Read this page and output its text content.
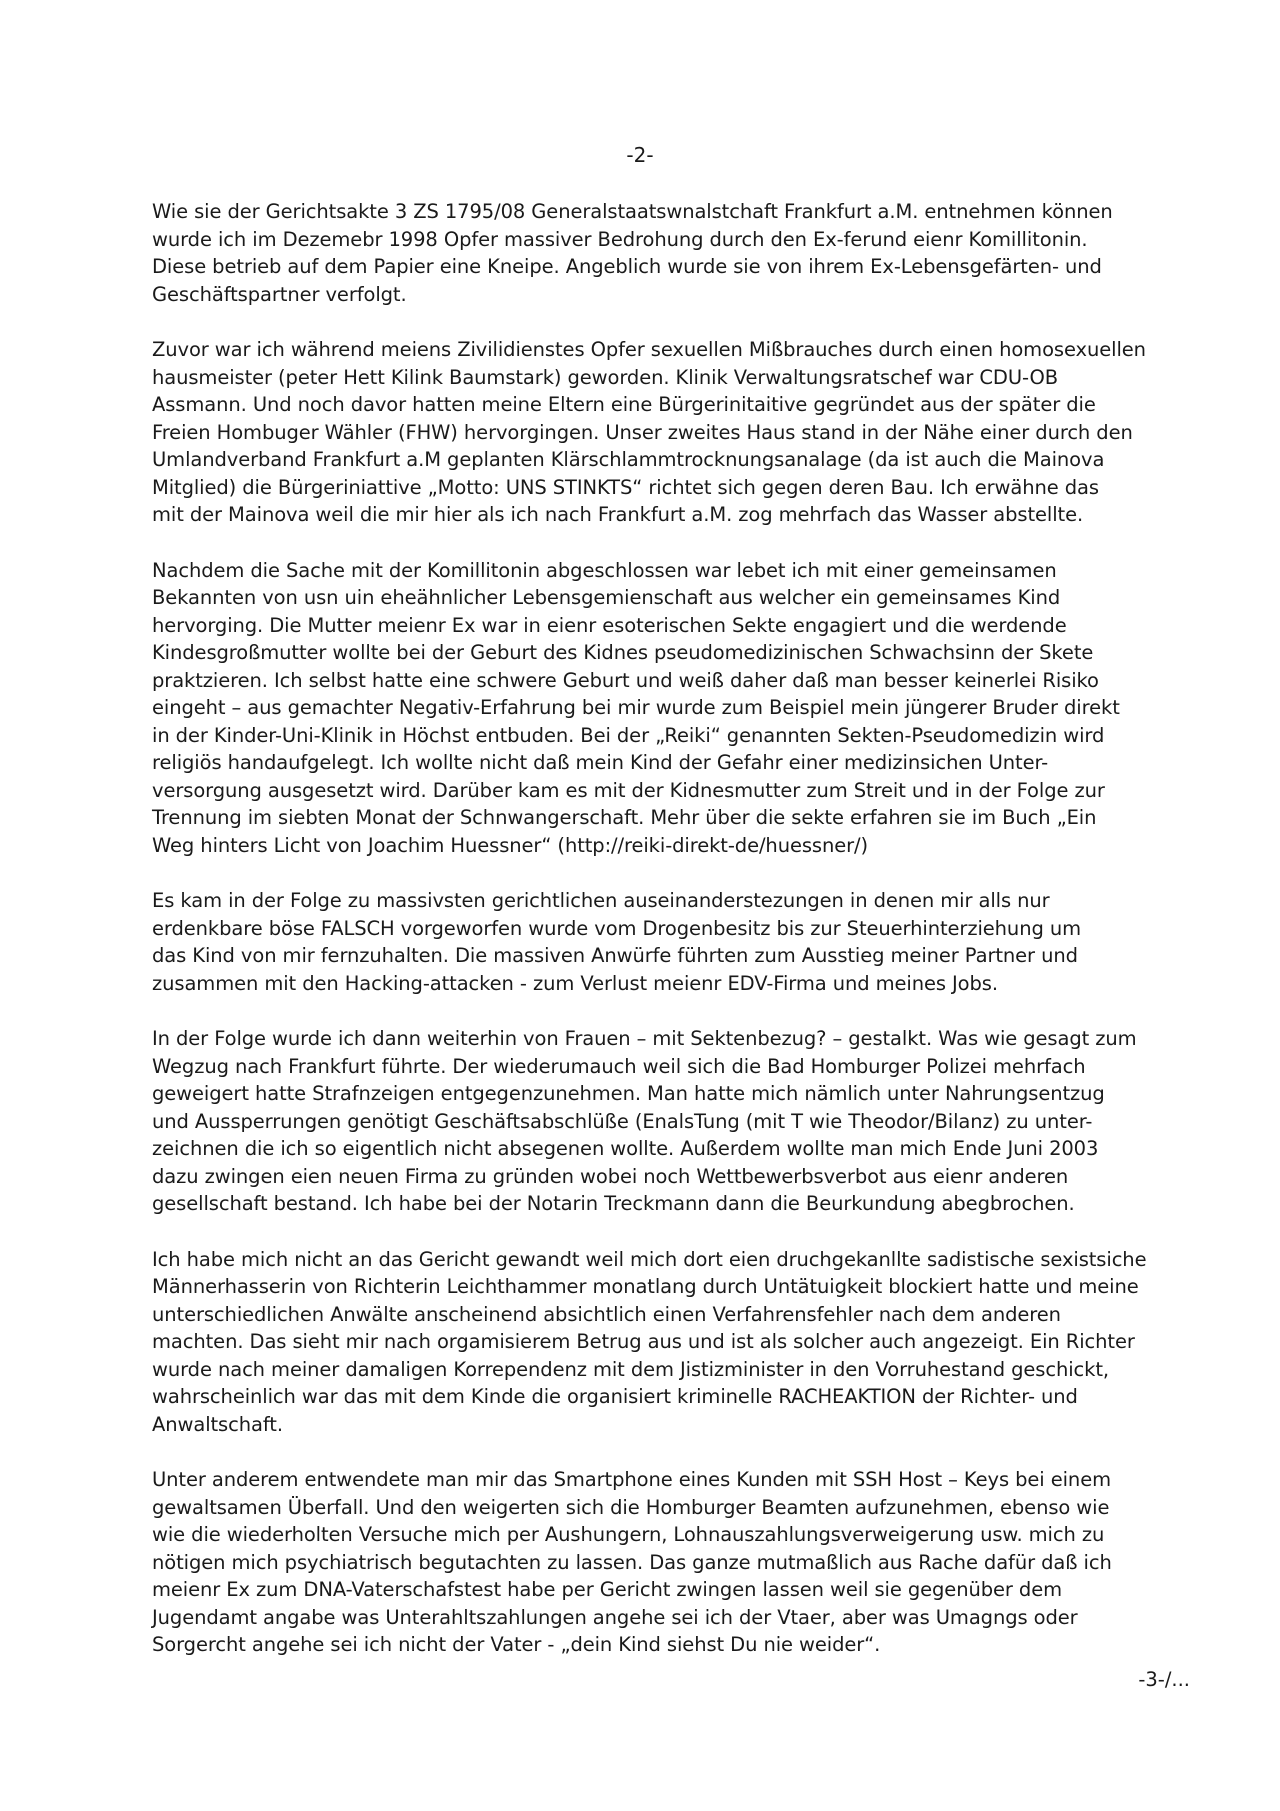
-2-
Wie sie der Gerichtsakte 3 ZS 1795/08 Generalstaatswnalstchaft Frankfurt a.M. entnehmen können
wurde ich im Dezemebr 1998 Opfer massiver Bedrohung durch den Ex-ferund eienr Komillitonin.
Diese betrieb auf dem Papier eine Kneipe. Angeblich wurde sie von ihrem Ex-Lebensgefärten- und
Geschäftspartner verfolgt.
Zuvor war ich während meiens Zivilidienstes Opfer sexuellen Mißbrauches durch einen homosexuellen
hausmeister (peter Hett Kilink Baumstark) geworden. Klinik Verwaltungsratschef war CDU-OB
Assmann. Und noch davor hatten meine Eltern eine Bürgerinitaitive gegründet aus der später die
Freien Hombuger Wähler (FHW) hervorgingen. Unser zweites Haus stand in der Nähe einer durch den
Umlandverband Frankfurt a.M geplanten Klärschlammtrocknungsanalage (da ist auch die Mainova
Mitglied) die Bürgeriniattive „Motto: UNS STINKTS“ richtet sich gegen deren Bau. Ich erwähne das
mit der Mainova weil die mir hier als ich nach Frankfurt a.M. zog mehrfach das Wasser abstellte.
Nachdem die Sache mit der Komillitonin abgeschlossen war lebet ich mit einer gemeinsamen
Bekannten von usn uin eheähnlicher Lebensgemienschaft aus welcher ein gemeinsames Kind
hervorging. Die Mutter meienr Ex war in eienr esoterischen Sekte engagiert und die werdende
Kindesgroßmutter wollte bei der Geburt des Kidnes pseudomedizinischen Schwachsinn der Skete
praktzieren. Ich selbst hatte eine schwere Geburt und weiß daher daß man besser keinerlei Risiko
eingeht – aus gemachter Negativ-Erfahrung bei mir wurde zum Beispiel mein jüngerer Bruder direkt
in der Kinder-Uni-Klinik in Höchst entbuden. Bei der „Reiki“ genannten Sekten-Pseudomedizin wird
religiös handaufgelegt. Ich wollte nicht daß mein Kind der Gefahr einer medizinsichen Unter-
versorgung ausgesetzt wird. Darüber kam es mit der Kidnesmutter zum Streit und in der Folge zur
Trennung im siebten Monat der Schnwangerschaft. Mehr über die sekte erfahren sie im Buch „Ein
Weg hinters Licht von Joachim Huessner“ (http://reiki-direkt-de/huessner/)
Es kam in der Folge zu massivsten gerichtlichen auseinanderstezungen in denen mir alls nur
erdenkbare böse FALSCH vorgeworfen wurde vom Drogenbesitz bis zur Steuerhinterziehung um
das Kind von mir fernzuhalten. Die massiven Anwürfe führten zum Ausstieg meiner Partner und
zusammen mit den Hacking-attacken - zum Verlust meienr EDV-Firma und meines Jobs.
In der Folge wurde ich dann weiterhin von Frauen – mit Sektenbezug? – gestalkt. Was wie gesagt zum
Wegzug nach Frankfurt führte. Der wiederumauch weil sich die Bad Homburger Polizei mehrfach
geweigert hatte Strafnzeigen entgegenzunehmen. Man hatte mich nämlich unter Nahrungsentzug
und Aussperrungen genötigt Geschäftsabschlüße (EnalsTung (mit T wie Theodor/Bilanz) zu unter-
zeichnen die ich so eigentlich nicht absegenen wollte. Außerdem wollte man mich Ende Juni 2003
dazu zwingen eien neuen Firma zu gründen wobei noch Wettbewerbsverbot aus eienr anderen
gesellschaft bestand. Ich habe bei der Notarin Treckmann dann die Beurkundung abegbrochen.
Ich habe mich nicht an das Gericht gewandt weil mich dort eien druchgekanllte sadistische sexistsiche
Männerhasserin von Richterin Leichthammer monatlang durch Untätuigkeit blockiert hatte und meine
unterschiedlichen Anwälte anscheinend absichtlich einen Verfahrensfehler nach dem anderen
machten. Das sieht mir nach orgamisierem Betrug aus und ist als solcher auch angezeigt. Ein Richter
wurde nach meiner damaligen Korrependenz mit dem Jistizminister in den Vorruhestand geschickt,
wahrscheinlich war das mit dem Kinde die organisiert kriminelle RACHEAKTION der Richter- und
Anwaltschaft.
Unter anderem entwendete man mir das Smartphone eines Kunden mit SSH Host – Keys bei einem
gewaltsamen Überfall. Und den weigerten sich die Homburger Beamten aufzunehmen, ebenso wie
wie die wiederholten Versuche mich per Aushungern, Lohnauszahlungsverweigerung usw. mich zu
nötigen mich psychiatrisch begutachten zu lassen. Das ganze mutmaßlich aus Rache dafür daß ich
meienr Ex zum DNA-Vaterschafstest habe per Gericht zwingen lassen weil sie gegenüber dem
Jugendamt angabe was Unterahltszahlungen angehe sei ich der Vtaer, aber was Umagngs oder
Sorgercht angehe sei ich nicht der Vater - „dein Kind siehst Du nie weider“.
-3-/...
